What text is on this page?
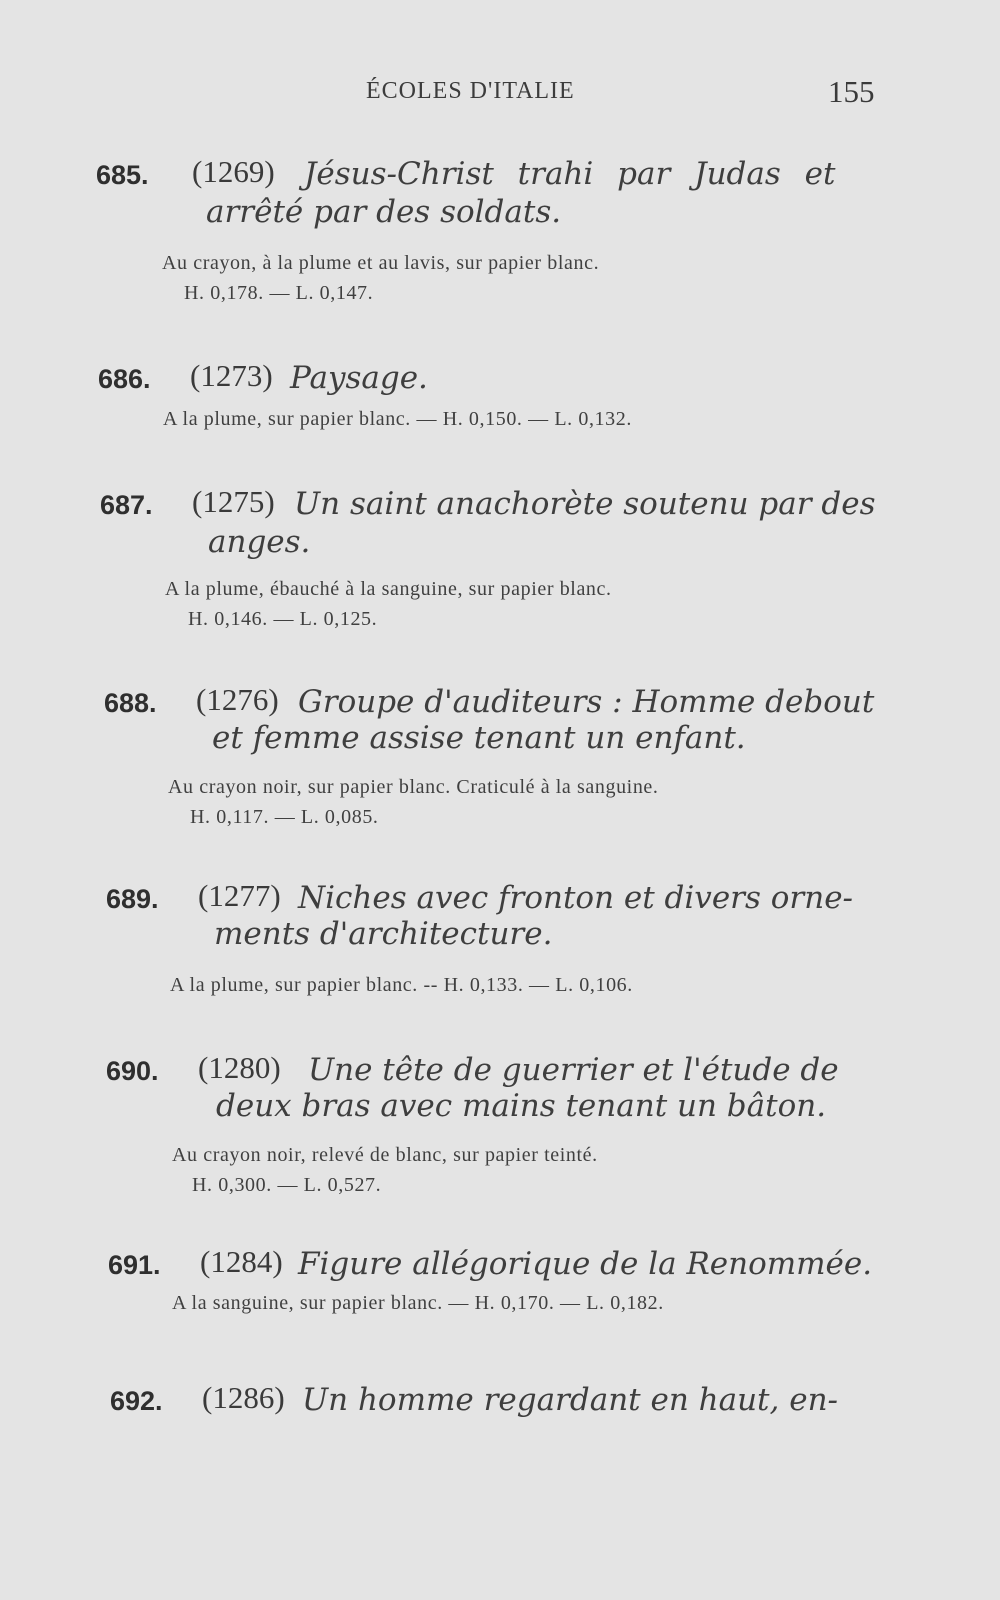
ÉCOLES D'ITALIE	155
685. (1269) Jésus-Christ trahi par Judas et
arrêté par des soldats.
Au crayon, à la plume et au lavis, sur papier blanc.
H. 0,178. — L. 0,147.
686. (1273) Paysage.
A la plume, sur papier blanc. — H. 0,150. — L. 0,132.
687. (1275) Un saint anachorète soutenu par des
anges.
A la plume, ébauché à la sanguine, sur papier blanc.
H. 0,146. — L. 0,125.
688. (1276) Groupe d'auditeurs : Homme debout
et femme assise tenant un enfant.
Au crayon noir, sur papier blanc. Craticulé à la sanguine.
H. 0,117. — L. 0,085.
689. (1277) Niches avec fronton et divers orne-
ments d'architecture.
A la plume, sur papier blanc. -- H. 0,133. — L. 0,106.
690. (1280) Une tête de guerrier et l'étude de
deux bras avec mains tenant un bâton.
Au crayon noir, relevé de blanc, sur papier teinté.
H. 0,300. — L. 0,527.
691. (1284) Figure allégorique de la Renommée.
A la sanguine, sur papier blanc. — H. 0,170. — L. 0,182.
692. (1286) Un homme regardant en haut, en-
